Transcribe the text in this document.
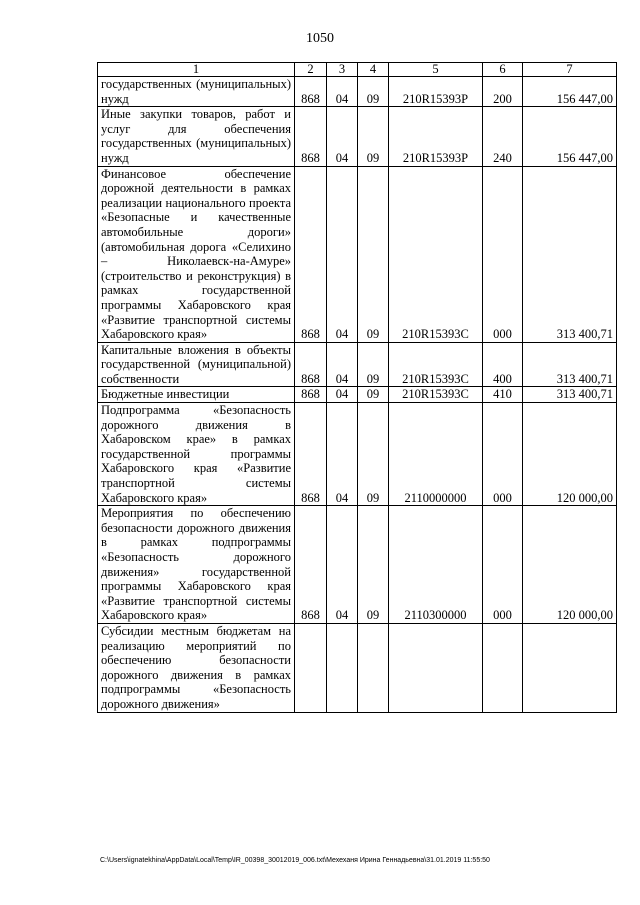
1050
1	2	3	4	5	6	7

государственных (муниципальных) нужд	868	04	09	210R15393P	200	156 447,00

Иные закупки товаров, работ и услуг для обеспечения государственных (муниципальных) нужд	868	04	09	210R15393P	240	156 447,00

Финансовое обеспечение дорожной деятельности в рамках реализации национального проекта «Безопасные и качественные автомобильные дороги» (автомобильная дорога «Селихино – Николаевск-на-Амуре» (строительство и реконструкция) в рамках государственной программы Хабаровского края «Развитие транспортной системы Хабаровского края»	868	04	09	210R15393C	000	313 400,71

Капитальные вложения в объекты государственной (муниципальной) собственности	868	04	09	210R15393C	400	313 400,71

Бюджетные инвестиции	868	04	09	210R15393C	410	313 400,71

Подпрограмма «Безопасность дорожного движения в Хабаровском крае» в рамках государственной программы Хабаровского края «Развитие транспортной системы Хабаровского края»	868	04	09	2110000000	000	120 000,00

Мероприятия по обеспечению безопасности дорожного движения в рамках подпрограммы «Безопасность дорожного движения» государственной программы Хабаровского края «Развитие транспортной системы Хабаровского края»	868	04	09	2110300000	000	120 000,00

Субсидии местным бюджетам на реализацию мероприятий по обеспечению безопасности дорожного движения в рамках подпрограммы «Безопасность дорожного движения»						

C:\Users\ignatekhina\AppData\Local\Temp\IR_00398_30012019_006.txt\Мехеханя Ирина Геннадьевна\31.01.2019 11:55:50
